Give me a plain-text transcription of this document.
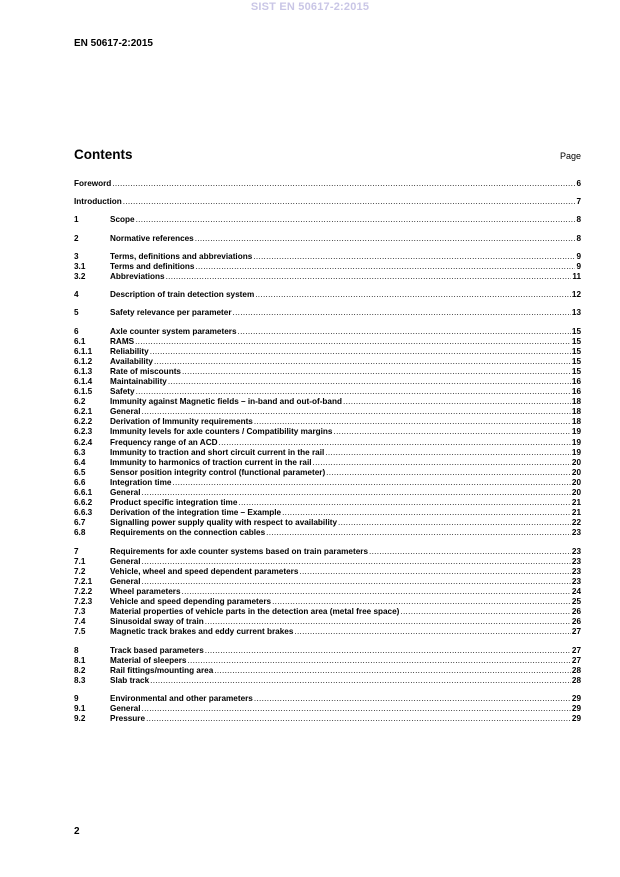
SIST EN 50617-2:2015
EN 50617-2:2015
Contents	Page
Foreword .....	6
Introduction .....	7
1	Scope .....	8
2	Normative references .....	8
3	Terms, definitions and abbreviations .....	9
3.1	Terms and definitions .....	9
3.2	Abbreviations .....	11
4	Description of train detection system .....	12
5	Safety relevance per parameter .....	13
6	Axle counter system parameters .....	15
6.1	RAMS .....	15
6.1.1	Reliability .....	15
6.1.2	Availability .....	15
6.1.3	Rate of miscounts .....	15
6.1.4	Maintainability .....	16
6.1.5	Safety .....	16
6.2	Immunity against Magnetic fields – in-band and out-of-band .....	18
6.2.1	General .....	18
6.2.2	Derivation of Immunity requirements .....	18
6.2.3	Immunity levels for axle counters / Compatibility margins .....	19
6.2.4	Frequency range of an ACD .....	19
6.3	Immunity to traction and short circuit current in the rail .....	19
6.4	Immunity to harmonics of traction current in the rail .....	20
6.5	Sensor position integrity control (functional parameter) .....	20
6.6	Integration time .....	20
6.6.1	General .....	20
6.6.2	Product specific integration time .....	21
6.6.3	Derivation of the integration time – Example .....	21
6.7	Signalling power supply quality with respect to availability .....	22
6.8	Requirements on the connection cables .....	23
7	Requirements for axle counter systems based on train parameters .....	23
7.1	General .....	23
7.2	Vehicle, wheel and speed dependent parameters .....	23
7.2.1	General .....	23
7.2.2	Wheel parameters .....	24
7.2.3	Vehicle and speed depending parameters .....	25
7.3	Material properties of vehicle parts in the detection area (metal free space) .....	26
7.4	Sinusoidal sway of train .....	26
7.5	Magnetic track brakes and eddy current brakes .....	27
8	Track based parameters .....	27
8.1	Material of sleepers .....	27
8.2	Rail fittings/mounting area .....	28
8.3	Slab track .....	28
9	Environmental and other parameters .....	29
9.1	General .....	29
9.2	Pressure .....	29
2
